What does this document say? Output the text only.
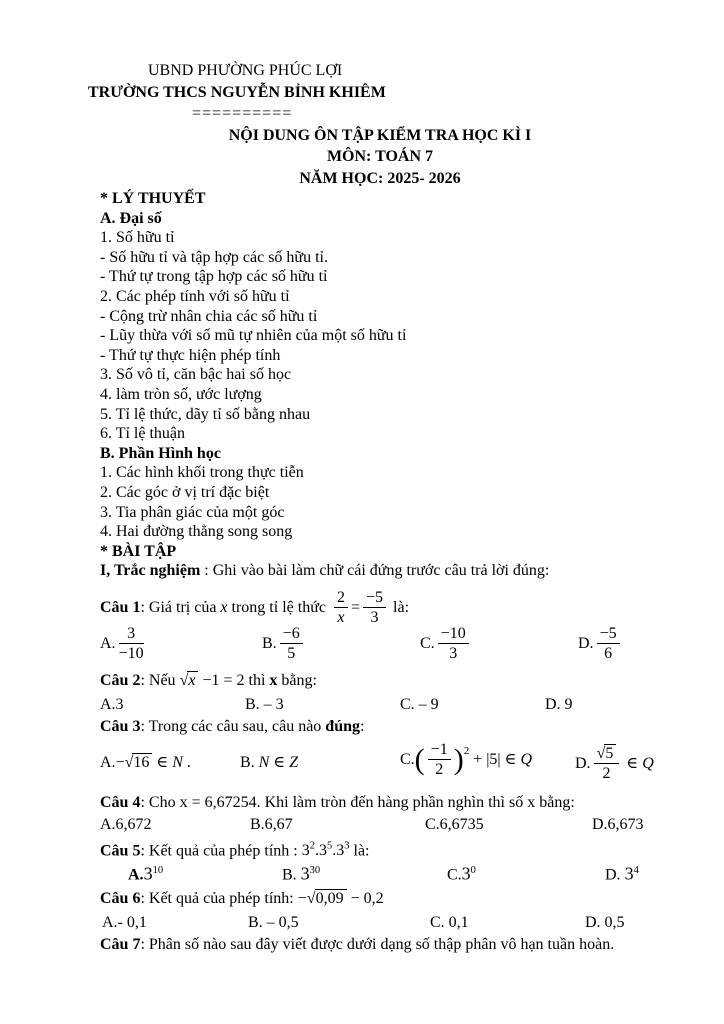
UBND PHƯỜNG PHÚC LỢI
TRƯỜNG THCS NGUYỄN BỈNH KHIÊM
==========
NỘI DUNG ÔN TẬP KIỂM TRA HỌC KÌ I
MÔN: TOÁN 7
NĂM HỌC: 2025- 2026
* LÝ THUYẾT
A. Đại số
1. Số hữu tỉ
- Số hữu tỉ và tập hợp các số hữu tỉ.
- Thứ tự trong tập hợp các số hữu tỉ
2. Các phép tính với số hữu tỉ
- Cộng trừ nhân chia các số hữu tỉ
- Lũy thừa với số mũ tự nhiên của một số hữu tỉ
- Thứ tự thực hiện phép tính
3. Số vô tỉ, căn bậc hai số học
4. làm tròn số, ước lượng
5. Tỉ lệ thức, dãy tỉ số bằng nhau
6. Tỉ lệ thuận
B. Phần Hình học
1. Các hình khối trong thực tiễn
2. Các góc ở vị trí đặc biệt
3. Tia phân giác của một góc
4. Hai đường thẳng song song
* BÀI TẬP
I, Trắc nghiệm : Ghi vào bài làm chữ cái đứng trước câu trả lời đúng:
Câu 1: Giá trị của x trong tỉ lệ thức $\frac{2}{x} = \frac{-5}{3}$ là:
A. $\frac{3}{-10}$	B. $\frac{-6}{5}$	C. $\frac{-10}{3}$	D. $\frac{-5}{6}$
Câu 2: Nếu √x −1 = 2 thì x bằng:
A.3	B. – 3	C. – 9	D. 9
Câu 3: Trong các câu sau, câu nào đúng:
A.−√16 ∈ N .	B. N ∈ Z	$C.( \frac{-1}{2} )^2 + |5|$ ∈ Q	D. $\frac{√5}{2}$ ∈ Q
Câu 4: Cho x = 6,67254. Khi làm tròn đến hàng phần nghìn thì số x bằng:
A.6,672	B.6,67	C.6,6735	D.6,673
Câu 5: Kết quả của phép tính : $3^2.3^5.3^3$ là:
$A.3^{10}$	B. $3^{30}$	$C.3^0$	D. $3^4$
Câu 6: Kết quả của phép tính: −√0,09 − 0,2
A.- 0,1	B. – 0,5	C. 0,1	D. 0,5
Câu 7: Phân số nào sau đây viết được dưới dạng số thập phân vô hạn tuần hoàn.
